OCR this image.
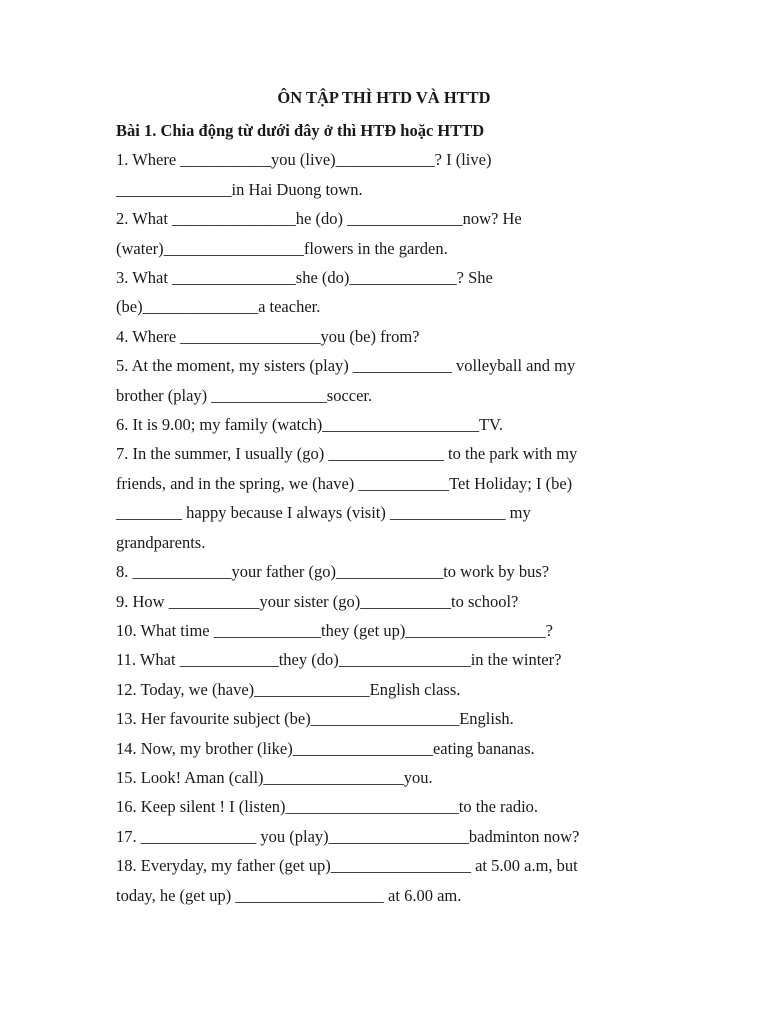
ÔN TẬP THÌ HTD VÀ HTTD
Bài 1. Chia động từ dưới đây ở thì HTĐ hoặc HTTD
1. Where ___________you (live)____________? I (live)
______________in Hai Duong town.
2. What _______________he (do) ______________now? He
(water)_________________flowers in the garden.
3. What _______________she (do)_____________? She
(be)______________a teacher.
4. Where _________________you (be) from?
5. At the moment, my sisters (play) ____________ volleyball and my
brother (play) ______________soccer.
6. It is 9.00; my family (watch)___________________TV.
7. In the summer, I usually (go) ______________ to the park with my
friends, and in the spring, we (have) ___________Tet Holiday; I (be)
________ happy because I always (visit) ______________ my
grandparents.
8. ____________your father (go)_____________to work by bus?
9. How ___________your sister (go)___________to school?
10. What time _____________they (get up)_________________?
11. What ____________they (do)________________in the winter?
12. Today, we (have)______________English class.
13. Her favourite subject (be)__________________English.
14. Now, my brother (like)_________________eating bananas.
15. Look! Aman (call)_________________you.
16. Keep silent ! I (listen)_____________________to the radio.
17. ______________ you (play)_________________badminton now?
18. Everyday, my father (get up)_________________ at 5.00 a.m, but
today, he (get up) __________________ at 6.00 am.
